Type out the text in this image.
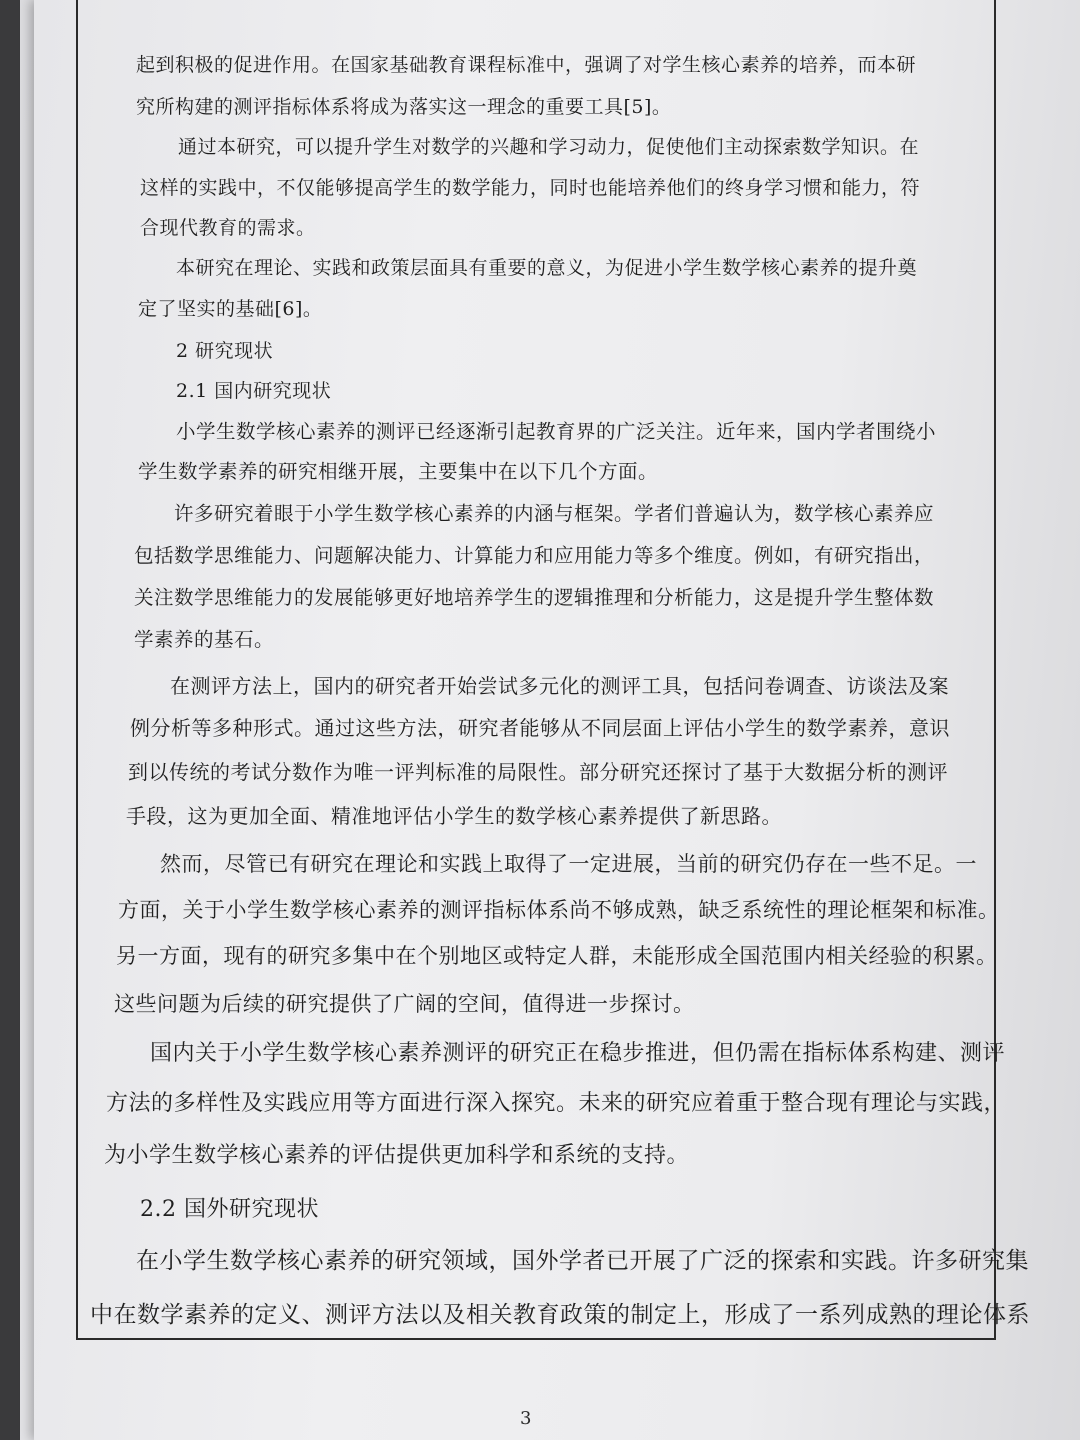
起到积极的促进作用。在国家基础教育课程标准中，强调了对学生核心素养的培养，而本研
究所构建的测评指标体系将成为落实这一理念的重要工具[5]。
通过本研究，可以提升学生对数学的兴趣和学习动力，促使他们主动探索数学知识。在
这样的实践中，不仅能够提高学生的数学能力，同时也能培养他们的终身学习惯和能力，符
合现代教育的需求。
本研究在理论、实践和政策层面具有重要的意义，为促进小学生数学核心素养的提升奠
定了坚实的基础[6]。
2 研究现状
2.1 国内研究现状
小学生数学核心素养的测评已经逐渐引起教育界的广泛关注。近年来，国内学者围绕小
学生数学素养的研究相继开展，主要集中在以下几个方面。
许多研究着眼于小学生数学核心素养的内涵与框架。学者们普遍认为，数学核心素养应
包括数学思维能力、问题解决能力、计算能力和应用能力等多个维度。例如，有研究指出，
关注数学思维能力的发展能够更好地培养学生的逻辑推理和分析能力，这是提升学生整体数
学素养的基石。
在测评方法上，国内的研究者开始尝试多元化的测评工具，包括问卷调查、访谈法及案
例分析等多种形式。通过这些方法，研究者能够从不同层面上评估小学生的数学素养，意识
到以传统的考试分数作为唯一评判标准的局限性。部分研究还探讨了基于大数据分析的测评
手段，这为更加全面、精准地评估小学生的数学核心素养提供了新思路。
然而，尽管已有研究在理论和实践上取得了一定进展，当前的研究仍存在一些不足。一
方面，关于小学生数学核心素养的测评指标体系尚不够成熟，缺乏系统性的理论框架和标准。
另一方面，现有的研究多集中在个别地区或特定人群，未能形成全国范围内相关经验的积累。
这些问题为后续的研究提供了广阔的空间，值得进一步探讨。
国内关于小学生数学核心素养测评的研究正在稳步推进，但仍需在指标体系构建、测评
方法的多样性及实践应用等方面进行深入探究。未来的研究应着重于整合现有理论与实践，
为小学生数学核心素养的评估提供更加科学和系统的支持。
2.2 国外研究现状
在小学生数学核心素养的研究领域，国外学者已开展了广泛的探索和实践。许多研究集
中在数学素养的定义、测评方法以及相关教育政策的制定上，形成了一系列成熟的理论体系
3
